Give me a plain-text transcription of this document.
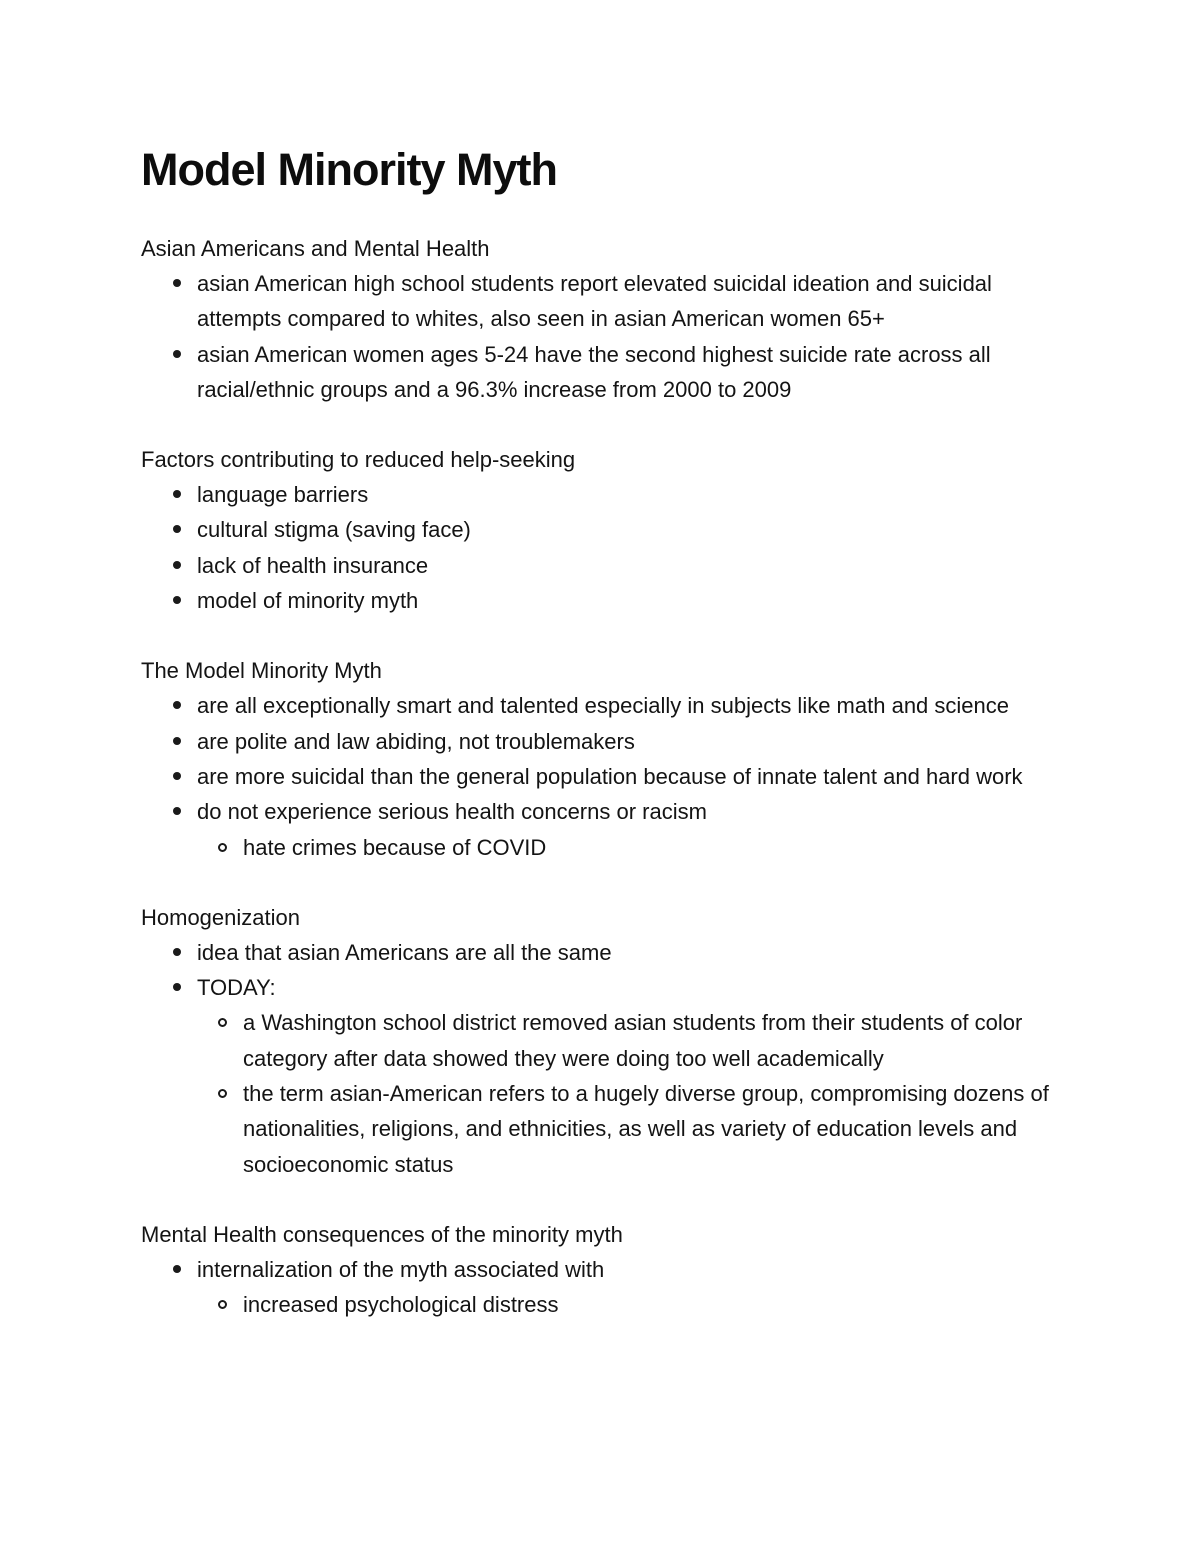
Model Minority Myth

Asian Americans and Mental Health

asian American high school students report elevated suicidal ideation and suicidal attempts compared to whites, also seen in asian American women 65+
asian American women ages 5-24 have the second highest suicide rate across all racial/ethnic groups and a 96.3% increase from 2000 to 2009

Factors contributing to reduced help-seeking

language barriers
cultural stigma (saving face)
lack of health insurance
model of minority myth

The Model Minority Myth

are all exceptionally smart and talented especially in subjects like math and science
are polite and law abiding, not troublemakers
are more suicidal than the general population because of innate talent and hard work
do not experience serious health concerns or racism
hate crimes because of COVID

Homogenization

idea that asian Americans are all the same
TODAY:
a Washington school district removed asian students from their students of color category after data showed they were doing too well academically
the term asian-American refers to a hugely diverse group, compromising dozens of nationalities, religions, and ethnicities, as well as variety of education levels and socioeconomic status

Mental Health consequences of the minority myth

internalization of the myth associated with
increased psychological distress
